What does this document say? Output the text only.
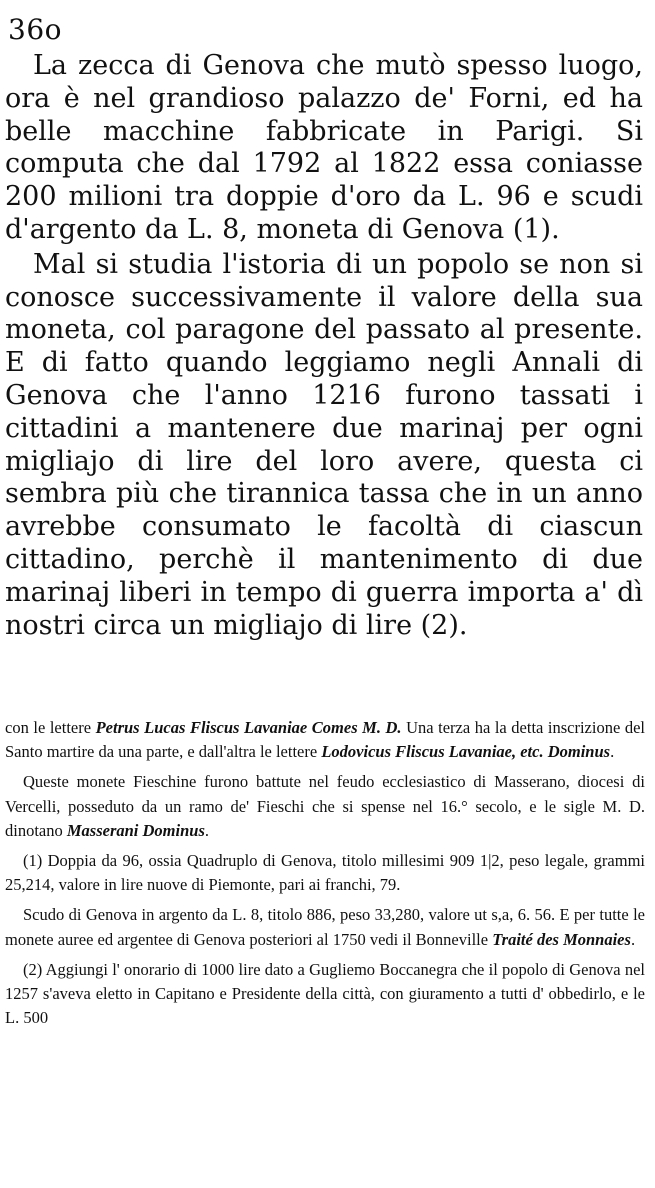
36o

La zecca di Genova che mutò spesso luogo, ora è nel grandioso palazzo de' Forni, ed ha belle macchine fabbricate in Parigi. Si computa che dal 1792 al 1822 essa coniasse 200 milioni tra doppie d'oro da L. 96 e scudi d'argento da L. 8, moneta di Genova (1).

Mal si studia l'istoria di un popolo se non si conosce successivamente il valore della sua moneta, col paragone del passato al presente. E di fatto quando leggiamo negli Annali di Genova che l'anno 1216 furono tassati i cittadini a mantenere due marinaj per ogni migliajo di lire del loro avere, questa ci sembra più che tirannica tassa che in un anno avrebbe consumato le facoltà di ciascun cittadino, perchè il mantenimento di due marinaj liberi in tempo di guerra importa a' dì nostri circa un migliajo di lire (2).

con le lettere Petrus Lucas Fliscus Lavaniae Comes M. D. Una terza ha la detta inscrizione del Santo martire da una parte, e dall'altra le lettere Lodovicus Fliscus Lavaniae, etc. Dominus.

Queste monete Fieschine furono battute nel feudo ecclesiastico di Masserano, diocesi di Vercelli, posseduto da un ramo de' Fieschi che si spense nel 16.° secolo, e le sigle M. D. dinotano Masserani Dominus.

(1) Doppia da 96, ossia Quadruplo di Genova, titolo millesimi 909 1|2, peso legale, grammi 25,214, valore in lire nuove di Piemonte, pari ai franchi, 79.

Scudo di Genova in argento da L. 8, titolo 886, peso 33,280, valore ut s,a, 6. 56. E per tutte le monete auree ed argentee di Genova posteriori al 1750 vedi il Bonneville Traité des Monnaies.

(2) Aggiungi l' onorario di 1000 lire dato a Gugliemo Boccanegra che il popolo di Genova nel 1257 s'aveva eletto in Capitano e Presidente della città, con giuramento a tutti d' obbedirlo, e le L. 500
